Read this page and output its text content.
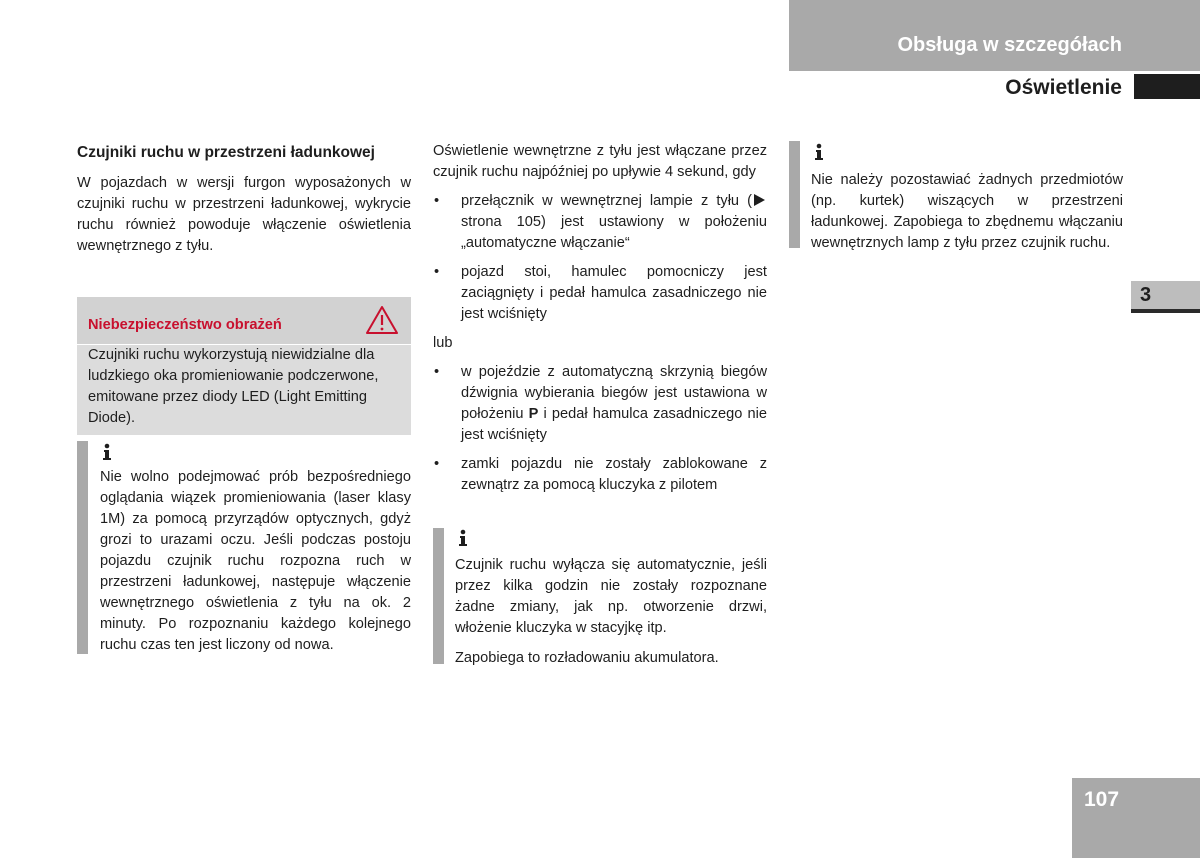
Obsługa w szczegółach
Oświetlenie
3
107
Czujniki ruchu w przestrzeni ładunkowej

W pojazdach w wersji furgon wyposażonych w czujniki ruchu w przestrzeni ładunkowej, wykrycie ruchu również powoduje włączenie oświetlenia wewnętrznego z tyłu.

Niebezpieczeństwo obrażeń
Czujniki ruchu wykorzystują niewidzialne dla ludzkiego oka promieniowanie podczerwone, emitowane przez diody LED (Light Emitting Diode).
Nie wolno podejmować prób bezpośredniego oglądania wiązek promieniowania (laser klasy 1M) za pomocą przyrządów optycznych, gdyż grozi to urazami oczu. Jeśli podczas postoju pojazdu czujnik ruchu rozpozna ruch w przestrzeni ładunkowej, następuje włączenie wewnętrznego oświetlenia z tyłu na ok. 2 minuty. Po rozpoznaniu każdego kolejnego ruchu czas ten jest liczony od nowa.

Oświetlenie wewnętrzne z tyłu jest włączane przez czujnik ruchu najpóźniej po upływie 4 sekund, gdy

• przełącznik w wewnętrznej lampie z tyłu ( strona 105) jest ustawiony w położeniu „automatyczne włączanie“
• pojazd stoi, hamulec pomocniczy jest zaciągnięty i pedał hamulca zasadniczego nie jest wciśnięty

lub

• w pojeździe z automatyczną skrzynią biegów dźwignia wybierania biegów jest ustawiona w położeniu P i pedał hamulca zasadniczego nie jest wciśnięty
• zamki pojazdu nie zostały zablokowane z zewnątrz za pomocą kluczyka z pilotem

Czujnik ruchu wyłącza się automatycznie, jeśli przez kilka godzin nie zostały rozpoznane żadne zmiany, jak np. otworzenie drzwi, włożenie kluczyka w stacyjkę itp.

Zapobiega to rozładowaniu akumulatora.

Nie należy pozostawiać żadnych przedmiotów (np. kurtek) wiszących w przestrzeni ładunkowej. Zapobiega to zbędnemu włączaniu wewnętrznych lamp z tyłu przez czujnik ruchu.
